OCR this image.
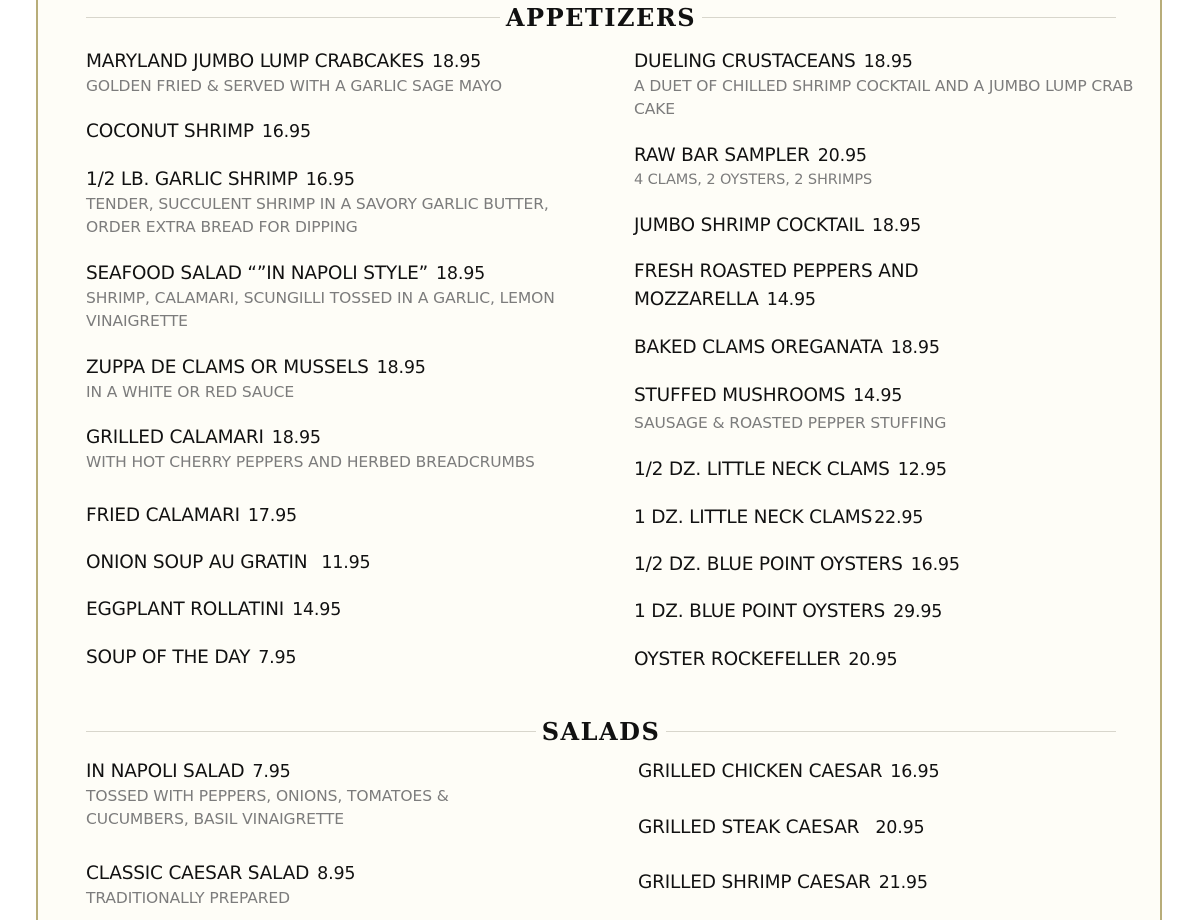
APPETIZERS
MARYLAND JUMBO LUMP CRABCAKES 18.95
GOLDEN FRIED & SERVED WITH A GARLIC SAGE MAYO
COCONUT SHRIMP 16.95
1/2 LB. GARLIC SHRIMP 16.95
TENDER, SUCCULENT SHRIMP IN A SAVORY GARLIC BUTTER, ORDER EXTRA BREAD FOR DIPPING
SEAFOOD SALAD “”IN NAPOLI STYLE” 18.95
SHRIMP, CALAMARI, SCUNGILLI TOSSED IN A GARLIC, LEMON VINAIGRETTE
ZUPPA DE CLAMS OR MUSSELS 18.95
IN A WHITE OR RED SAUCE
GRILLED CALAMARI 18.95
WITH HOT CHERRY PEPPERS AND HERBED BREADCRUMBS
FRIED CALAMARI 17.95
ONION SOUP AU GRATIN 11.95
EGGPLANT ROLLATINI 14.95
SOUP OF THE DAY 7.95
DUELING CRUSTACEANS 18.95
A DUET OF CHILLED SHRIMP COCKTAIL AND A JUMBO LUMP CRAB CAKE
RAW BAR SAMPLER 20.95
4 CLAMS, 2 OYSTERS, 2 SHRIMPS
JUMBO SHRIMP COCKTAIL 18.95
FRESH ROASTED PEPPERS AND MOZZARELLA 14.95
BAKED CLAMS OREGANATA 18.95
STUFFED MUSHROOMS 14.95
SAUSAGE & ROASTED PEPPER STUFFING
1/2 DZ. LITTLE NECK CLAMS 12.95
1 DZ. LITTLE NECK CLAMS 22.95
1/2 DZ. BLUE POINT OYSTERS 16.95
1 DZ. BLUE POINT OYSTERS 29.95
OYSTER ROCKEFELLER 20.95
SALADS
IN NAPOLI SALAD 7.95
TOSSED WITH PEPPERS, ONIONS, TOMATOES & CUCUMBERS, BASIL VINAIGRETTE
CLASSIC CAESAR SALAD 8.95
TRADITIONALLY PREPARED
GRILLED CHICKEN CAESAR 16.95
GRILLED STEAK CAESAR 20.95
GRILLED SHRIMP CAESAR 21.95
